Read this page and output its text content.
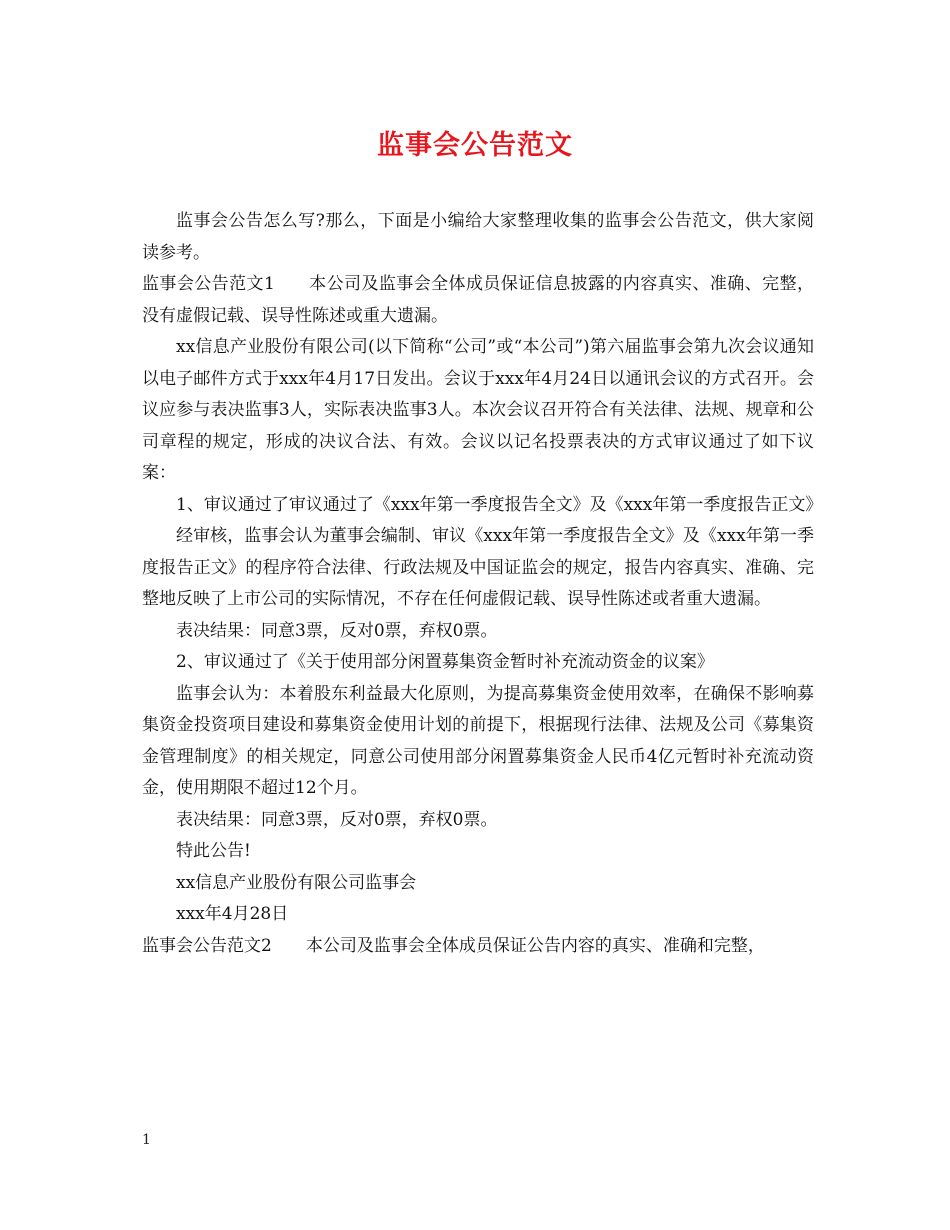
监事会公告范文

监事会公告怎么写?那么，下面是小编给大家整理收集的监事会公告范文，供大家阅读参考。

监事会公告范文1 本公司及监事会全体成员保证信息披露的内容真实、准确、完整，没有虚假记载、误导性陈述或重大遗漏。

xx信息产业股份有限公司(以下简称“公司”或“本公司”)第六届监事会第九次会议通知以电子邮件方式于xxx年4月17日发出。会议于xxx年4月24日以通讯会议的方式召开。会议应参与表决监事3人，实际表决监事3人。本次会议召开符合有关法律、法规、规章和公司章程的规定，形成的决议合法、有效。会议以记名投票表决的方式审议通过了如下议案：

1、审议通过了审议通过了《xxx年第一季度报告全文》及《xxx年第一季度报告正文》

经审核，监事会认为董事会编制、审议《xxx年第一季度报告全文》及《xxx年第一季度报告正文》的程序符合法律、行政法规及中国证监会的规定，报告内容真实、准确、完整地反映了上市公司的实际情况，不存在任何虚假记载、误导性陈述或者重大遗漏。

表决结果：同意3票，反对0票，弃权0票。

2、审议通过了《关于使用部分闲置募集资金暂时补充流动资金的议案》

监事会认为：本着股东利益最大化原则，为提高募集资金使用效率，在确保不影响募集资金投资项目建设和募集资金使用计划的前提下，根据现行法律、法规及公司《募集资金管理制度》的相关规定，同意公司使用部分闲置募集资金人民币4亿元暂时补充流动资金，使用期限不超过12个月。

表决结果：同意3票，反对0票，弃权0票。

特此公告!

xx信息产业股份有限公司监事会

xxx年4月28日

监事会公告范文2 本公司及监事会全体成员保证公告内容的真实、准确和完整，

1
